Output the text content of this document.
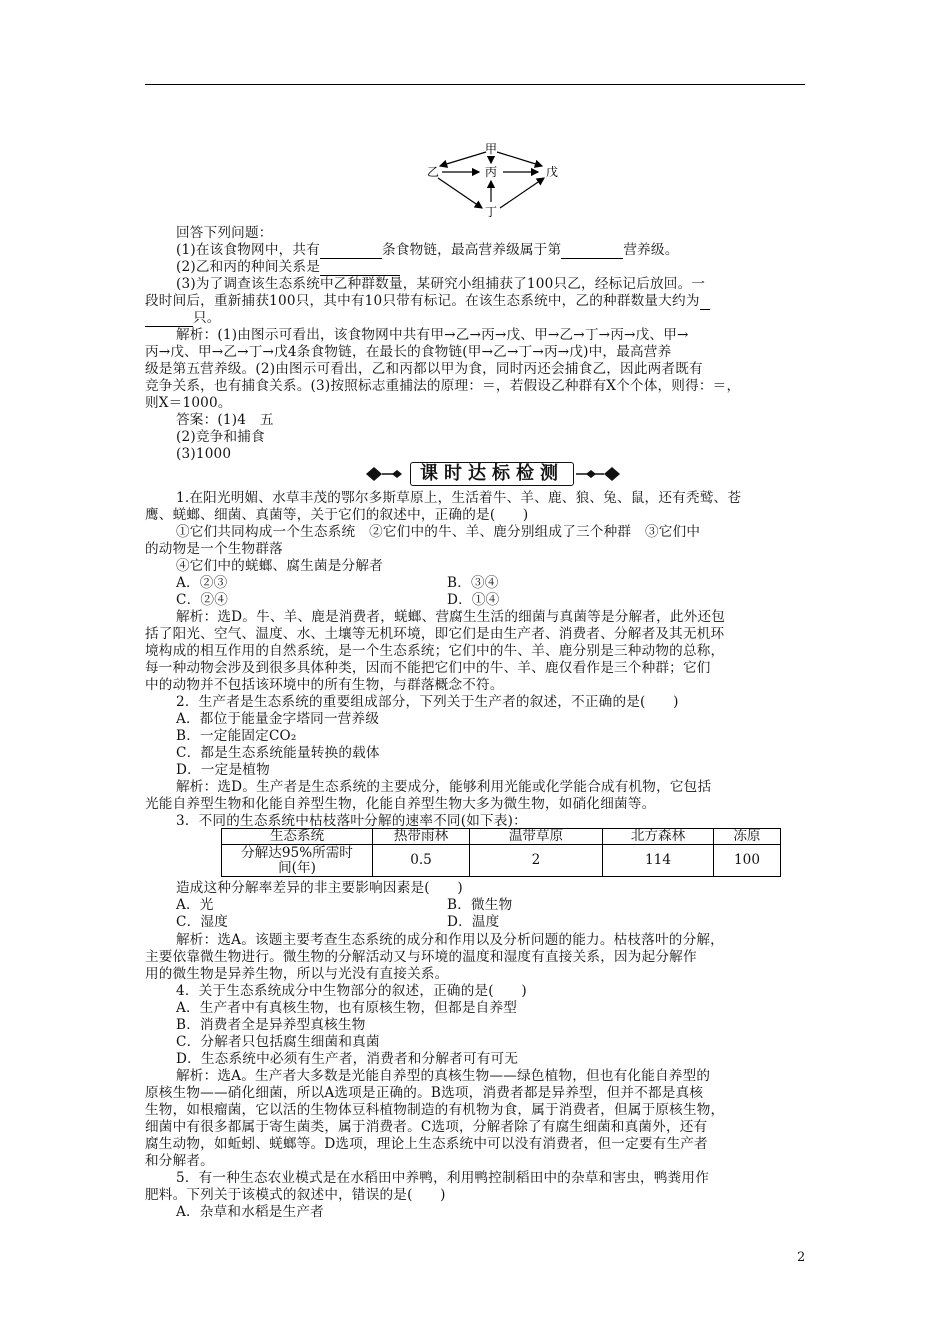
甲
乙	丙	戊
丁
回答下列问题：
(1)在该食物网中，共有	条食物链，最高营养级属于第	营养级。
(2)乙和丙的种间关系是
(3)为了调查该生态系统中乙种群数量，某研究小组捕获了100只乙，经标记后放回。一
段时间后，重新捕获100只，其中有10只带有标记。在该生态系统中，乙的种群数量大约为
只。
解析：(1)由图示可看出，该食物网中共有甲→乙→丙→戊、甲→乙→丁→丙→戊、甲→
丙→戊、甲→乙→丁→戊4条食物链，在最长的食物链(甲→乙→丁→丙→戊)中，最高营养
级是第五营养级。(2)由图示可看出，乙和丙都以甲为食，同时丙还会捕食乙，因此两者既有
竞争关系，也有捕食关系。(3)按照标志重捕法的原理：＝，若假设乙种群有X个个体，则得：＝，
则X＝1000。
答案：(1)4　五
(2)竞争和捕食
(3)1000
课时达标检测
1.在阳光明媚、水草丰茂的鄂尔多斯草原上，生活着牛、羊、鹿、狼、兔、鼠，还有秃鹫、苍
鹰、蜣螂、细菌、真菌等，关于它们的叙述中，正确的是(　　)
①它们共同构成一个生态系统　②它们中的牛、羊、鹿分别组成了三个种群　③它们中
的动物是一个生物群落
④它们中的蜣螂、腐生菌是分解者
A．②③	B．③④
C．②④	D．①④
解析：选D。牛、羊、鹿是消费者，蜣螂、营腐生生活的细菌与真菌等是分解者，此外还包
括了阳光、空气、温度、水、土壤等无机环境，即它们是由生产者、消费者、分解者及其无机环
境构成的相互作用的自然系统，是一个生态系统；它们中的牛、羊、鹿分别是三种动物的总称，
每一种动物会涉及到很多具体种类，因而不能把它们中的牛、羊、鹿仅看作是三个种群；它们
中的动物并不包括该环境中的所有生物，与群落概念不符。
2．生产者是生态系统的重要组成部分，下列关于生产者的叙述，不正确的是(　　)
A．都位于能量金字塔同一营养级
B．一定能固定CO₂
C．都是生态系统能量转换的载体
D．一定是植物
解析：选D。生产者是生态系统的主要成分，能够利用光能或化学能合成有机物，它包括
光能自养型生物和化能自养型生物，化能自养型生物大多为微生物，如硝化细菌等。
3．不同的生态系统中枯枝落叶分解的速率不同(如下表)：
生态系统	热带雨林	温带草原	北方森林	冻原
分解达95%所需时
间(年)	0.5	2	114	100
造成这种分解率差异的非主要影响因素是(　　)
A．光	B．微生物
C．湿度	D．温度
解析：选A。该题主要考查生态系统的成分和作用以及分析问题的能力。枯枝落叶的分解，
主要依靠微生物进行。微生物的分解活动又与环境的温度和湿度有直接关系，因为起分解作
用的微生物是异养生物，所以与光没有直接关系。
4．关于生态系统成分中生物部分的叙述，正确的是(　　)
A．生产者中有真核生物，也有原核生物，但都是自养型
B．消费者全是异养型真核生物
C．分解者只包括腐生细菌和真菌
D．生态系统中必须有生产者，消费者和分解者可有可无
解析：选A。生产者大多数是光能自养型的真核生物——绿色植物，但也有化能自养型的
原核生物——硝化细菌，所以A选项是正确的。B选项，消费者都是异养型，但并不都是真核
生物，如根瘤菌，它以活的生物体豆科植物制造的有机物为食，属于消费者，但属于原核生物，
细菌中有很多都属于寄生菌类，属于消费者。C选项，分解者除了有腐生细菌和真菌外，还有
腐生动物，如蚯蚓、蜣螂等。D选项，理论上生态系统中可以没有消费者，但一定要有生产者
和分解者。
5．有一种生态农业模式是在水稻田中养鸭，利用鸭控制稻田中的杂草和害虫，鸭粪用作
肥料。下列关于该模式的叙述中，错误的是(　　)
A．杂草和水稻是生产者
2
